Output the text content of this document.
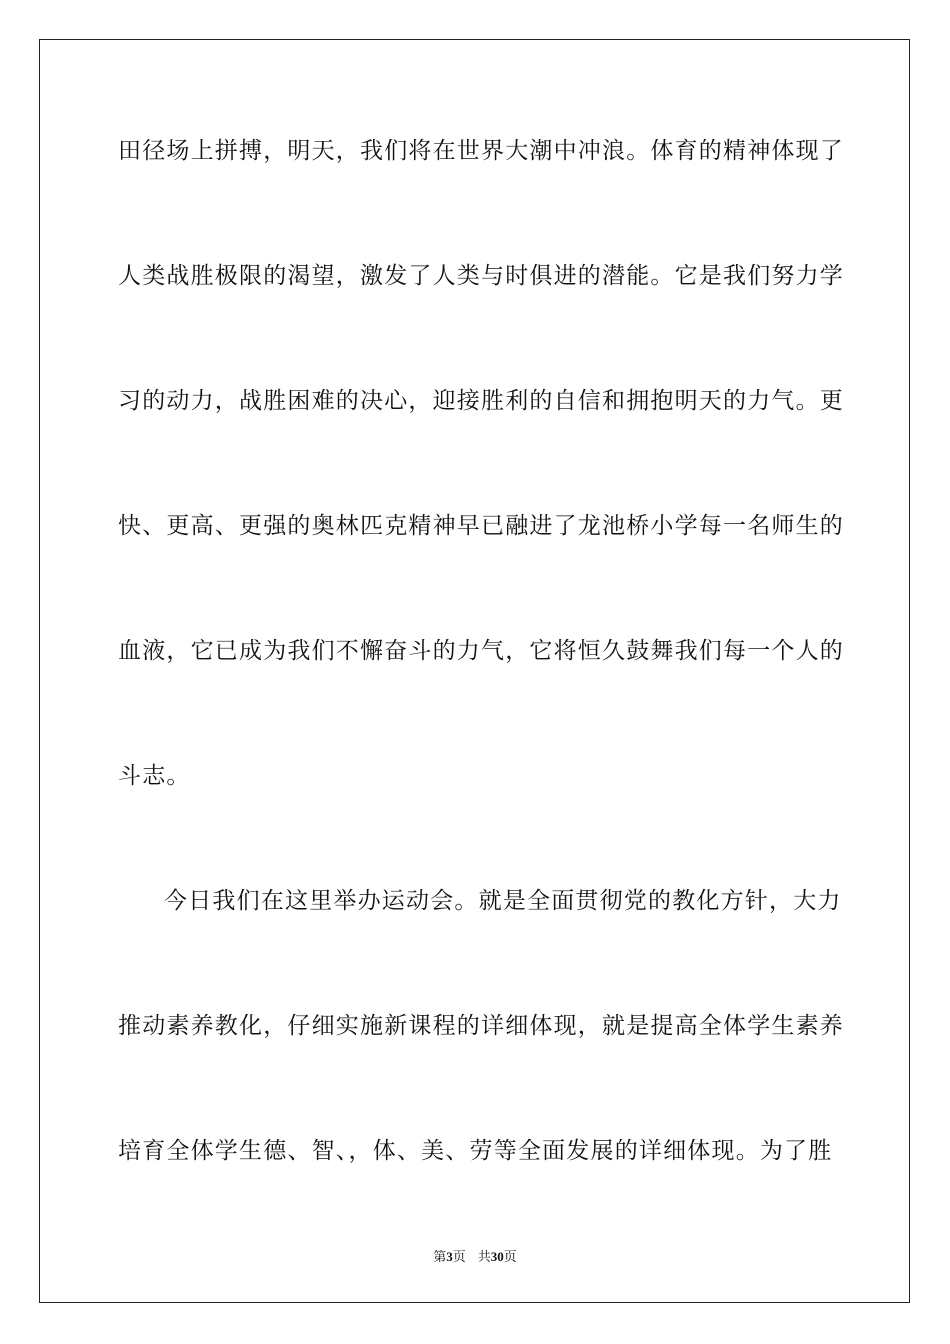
田径场上拼搏，明天，我们将在世界大潮中冲浪。体育的精神体现了
人类战胜极限的渴望，激发了人类与时俱进的潜能。它是我们努力学
习的动力，战胜困难的决心，迎接胜利的自信和拥抱明天的力气。更
快、更高、更强的奥林匹克精神早已融进了龙池桥小学每一名师生的
血液，它已成为我们不懈奋斗的力气，它将恒久鼓舞我们每一个人的
斗志。
今日我们在这里举办运动会。就是全面贯彻党的教化方针，大力
推动素养教化，仔细实施新课程的详细体现，就是提高全体学生素养
培育全体学生德、智、，体、美、劳等全面发展的详细体现。为了胜
第3页 共30页
